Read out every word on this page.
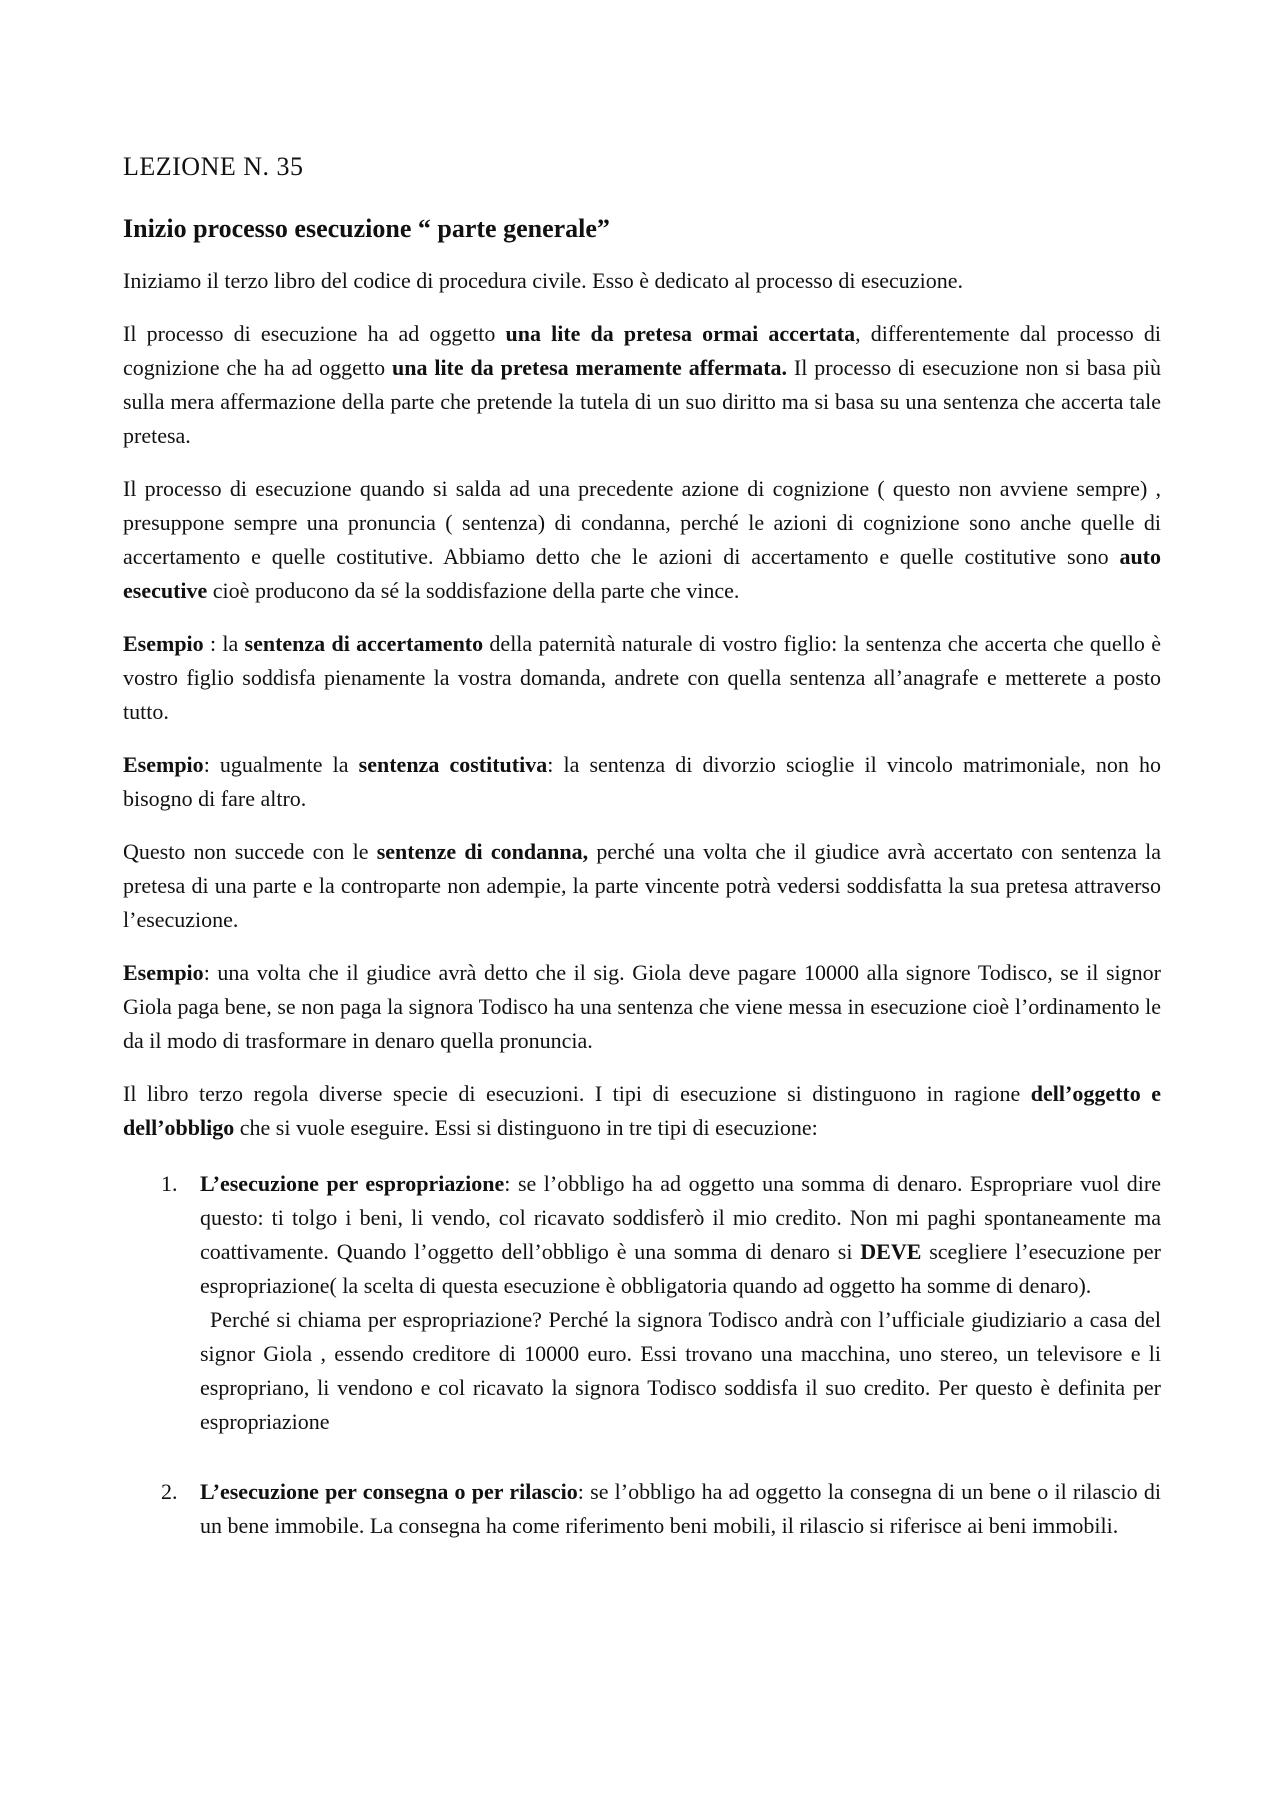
LEZIONE N. 35
Inizio processo esecuzione “ parte generale”

Iniziamo il terzo libro del codice di procedura civile. Esso è dedicato al processo di esecuzione.

Il processo di esecuzione ha ad oggetto una lite da pretesa ormai accertata, differentemente dal processo di cognizione che ha ad oggetto una lite da pretesa meramente affermata. Il processo di esecuzione non si basa più sulla mera affermazione della parte che pretende la tutela di un suo diritto ma si basa su una sentenza che accerta tale pretesa.

Il processo di esecuzione quando si salda ad una precedente azione di cognizione ( questo non avviene sempre) , presuppone sempre una pronuncia ( sentenza) di condanna, perché le azioni di cognizione sono anche quelle di accertamento e quelle costitutive. Abbiamo detto che le azioni di accertamento e quelle costitutive sono auto esecutive cioè producono da sé la soddisfazione della parte che vince.

Esempio : la sentenza di accertamento della paternità naturale di vostro figlio: la sentenza che accerta che quello è vostro figlio soddisfa pienamente la vostra domanda, andrete con quella sentenza all’anagrafe e metterete a posto tutto.

Esempio: ugualmente la sentenza costitutiva: la sentenza di divorzio scioglie il vincolo matrimoniale, non ho bisogno di fare altro.

Questo non succede con le sentenze di condanna, perché una volta che il giudice avrà accertato con sentenza la pretesa di una parte e la controparte non adempie, la parte vincente potrà vedersi soddisfatta la sua pretesa attraverso l’esecuzione.

Esempio: una volta che il giudice avrà detto che il sig. Giola deve pagare 10000 alla signore Todisco, se il signor Giola paga bene, se non paga la signora Todisco ha una sentenza che viene messa in esecuzione cioè l’ordinamento le da il modo di trasformare in denaro quella pronuncia.

Il libro terzo regola diverse specie di esecuzioni. I tipi di esecuzione si distinguono in ragione dell’oggetto e dell’obbligo che si vuole eseguire. Essi si distinguono in tre tipi di esecuzione:

1. L’esecuzione per espropriazione: se l’obbligo ha ad oggetto una somma di denaro. Espropriare vuol dire questo: ti tolgo i beni, li vendo, col ricavato soddisferò il mio credito. Non mi paghi spontaneamente ma coattivamente. Quando l’oggetto dell’obbligo è una somma di denaro si DEVE scegliere l’esecuzione per espropriazione( la scelta di questa esecuzione è obbligatoria quando ad oggetto ha somme di denaro).

Perché si chiama per espropriazione? Perché la signora Todisco andrà con l’ufficiale giudiziario a casa del signor Giola , essendo creditore di 10000 euro. Essi trovano una macchina, uno stereo, un televisore e li espropriano, li vendono e col ricavato la signora Todisco soddisfa il suo credito. Per questo è definita per espropriazione

2. L’esecuzione per consegna o per rilascio: se l’obbligo ha ad oggetto la consegna di un bene o il rilascio di un bene immobile. La consegna ha come riferimento beni mobili, il rilascio si riferisce ai beni immobili.
